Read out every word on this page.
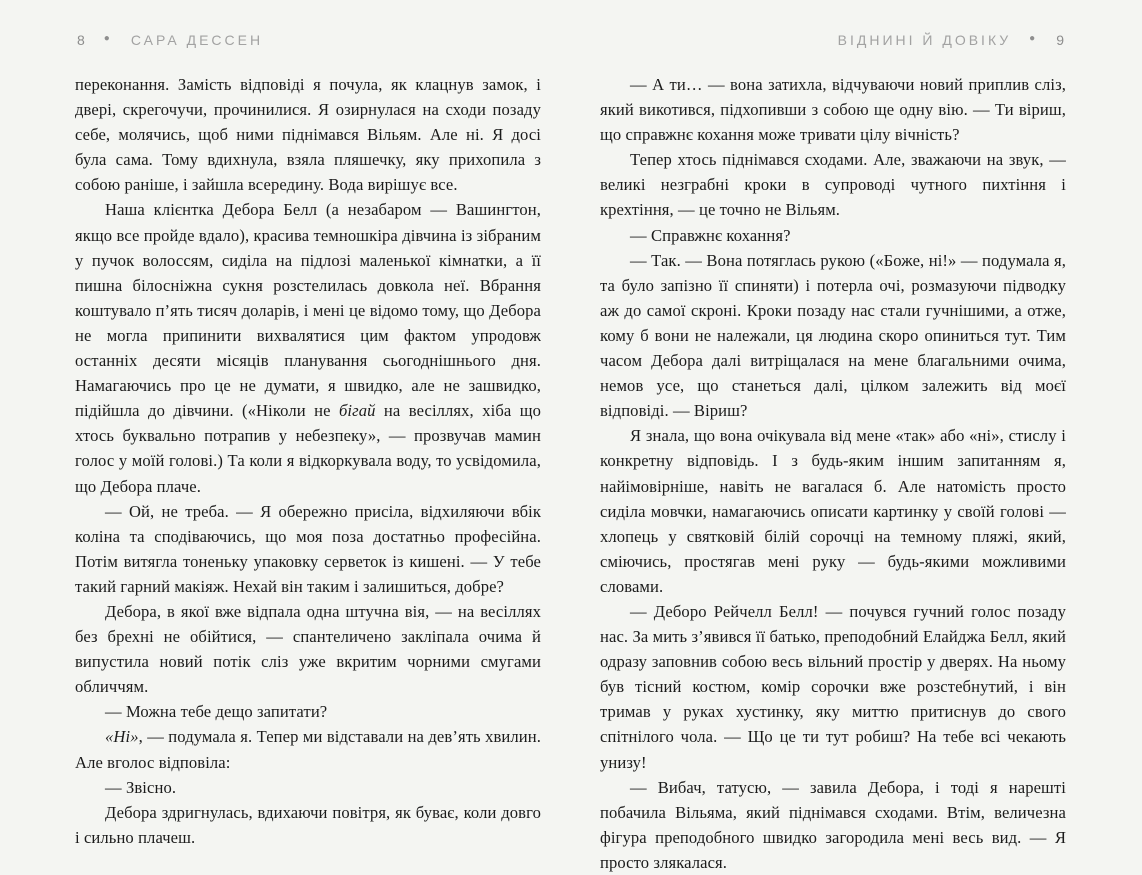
8 ● САРА ДЕССЕН	ВІДНИНІ Й ДОВІКУ ● 9

переконання. Замість відповіді я почула, як клацнув замок, і двері, скрегочучи, прочинилися. Я озирнулася на сходи позаду себе, молячись, щоб ними піднімався Вільям. Але ні. Я досі була сама. Тому вдихнула, взяла пляшечку, яку прихопила з собою раніше, і зайшла всередину. Вода вирішує все.

Наша клієнтка Дебора Белл (а незабаром — Вашингтон, якщо все пройде вдало), красива темношкіра дівчина із зібраним у пучок волоссям, сиділа на підлозі маленької кімнатки, а її пишна білосніжна сукня розстелилась довкола неї. Вбрання коштувало п’ять тисяч доларів, і мені це відомо тому, що Дебора не могла припинити вихвалятися цим фактом упродовж останніх десяти місяців планування сьогоднішнього дня. Намагаючись про це не думати, я швидко, але не зашвидко, підійшла до дівчини. («Ніколи не бігай на весіллях, хіба що хтось буквально потрапив у небезпеку», — прозвучав мамин голос у моїй голові.) Та коли я відкоркувала воду, то усвідомила, що Дебора плаче.

— Ой, не треба. — Я обережно присіла, відхиляючи вбік коліна та сподіваючись, що моя поза достатньо професійна. Потім витягла тоненьку упаковку серветок із кишені. — У тебе такий гарний макіяж. Нехай він таким і залишиться, добре?

Дебора, в якої вже відпала одна штучна вія, — на весіллях без брехні не обійтися, — спантеличено закліпала очима й випустила новий потік сліз уже вкритим чорними смугами обличчям.

— Можна тебе дещо запитати?

«Ні», — подумала я. Тепер ми відставали на дев’ять хвилин. Але вголос відповіла:

— Звісно.

Дебора здригнулась, вдихаючи повітря, як буває, коли довго і сильно плачеш.

— А ти… — вона затихла, відчуваючи новий приплив сліз, який викотився, підхопивши з собою ще одну вію. — Ти віриш, що справжнє кохання може тривати цілу вічність?

Тепер хтось піднімався сходами. Але, зважаючи на звук, — великі незграбні кроки в супроводі чутного пихтіння і крехтіння, — це точно не Вільям.

— Справжнє кохання?

— Так. — Вона потяглась рукою («Боже, ні!» — подумала я, та було запізно її спиняти) і потерла очі, розмазуючи підводку аж до самої скроні. Кроки позаду нас стали гучнішими, а отже, кому б вони не належали, ця людина скоро опиниться тут. Тим часом Дебора далі витріщалася на мене благальними очима, немов усе, що станеться далі, цілком залежить від моєї відповіді. — Віриш?

Я знала, що вона очікувала від мене «так» або «ні», стислу і конкретну відповідь. І з будь-яким іншим запитанням я, найімовірніше, навіть не вагалася б. Але натомість просто сиділа мовчки, намагаючись описати картинку у своїй голові — хлопець у святковій білій сорочці на темному пляжі, який, сміючись, простягав мені руку — будь-якими можливими словами.

— Деборо Рейчелл Белл! — почувся гучний голос позаду нас. За мить з’явився її батько, преподобний Елайджа Белл, який одразу заповнив собою весь вільний простір у дверях. На ньому був тісний костюм, комір сорочки вже розстебнутий, і він тримав у руках хустинку, яку миттю притиснув до свого спітнілого чола. — Що це ти тут робиш? На тебе всі чекають унизу!

— Вибач, татусю, — завила Дебора, і тоді я нарешті побачила Вільяма, який піднімався сходами. Втім, величезна фігура преподобного швидко загородила мені весь вид. — Я просто злякалася.
